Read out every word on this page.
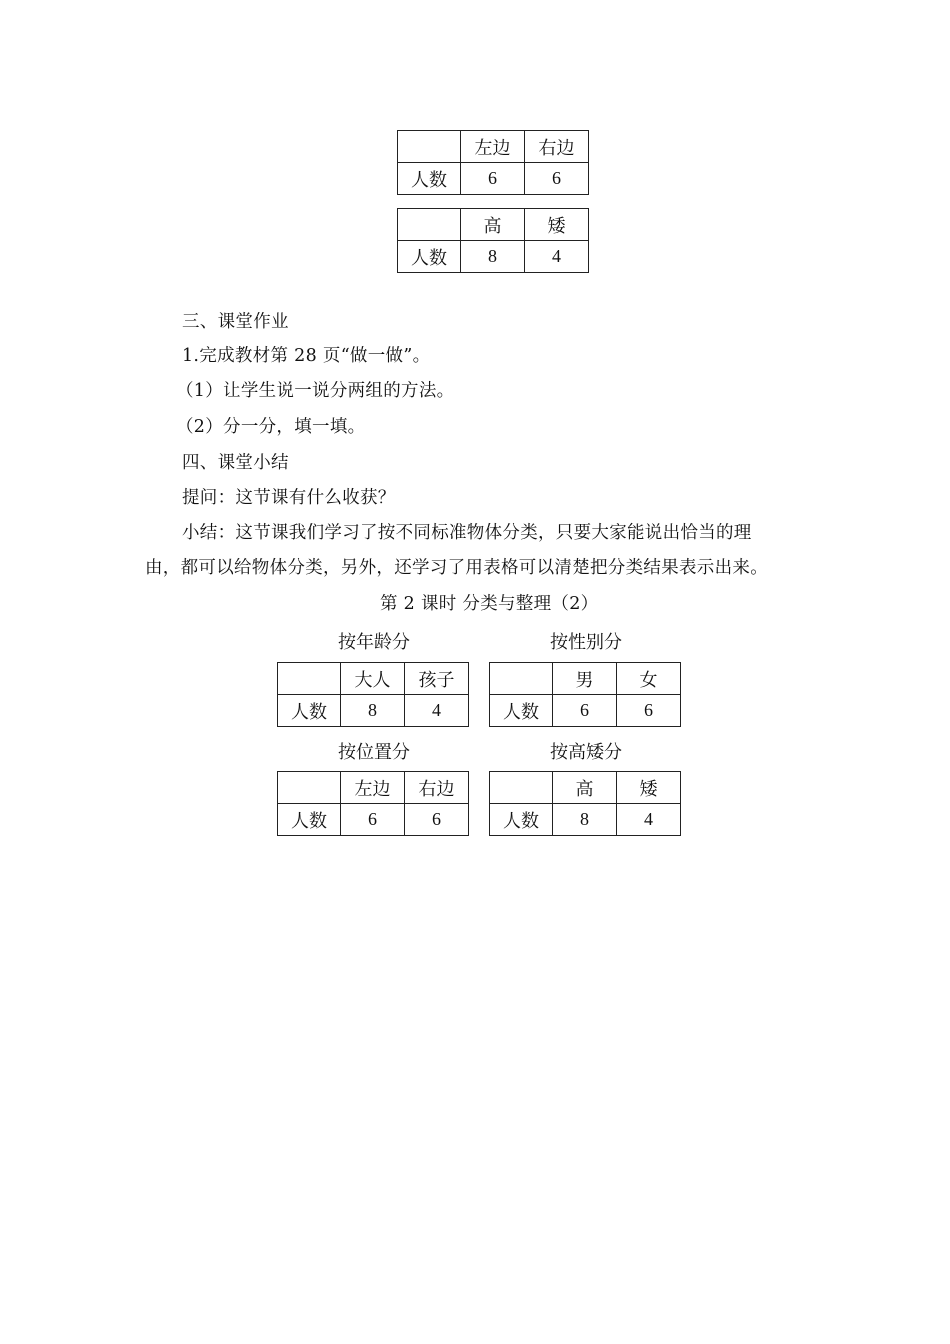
	左边	右边
人数	6	6
	高	矮
人数	8	4
三、课堂作业
1.完成教材第 28 页“做一做”。
（1）让学生说一说分两组的方法。
（2）分一分，填一填。
四、课堂小结
提问：这节课有什么收获？
小结：这节课我们学习了按不同标准物体分类，只要大家能说出恰当的理
由，都可以给物体分类，另外，还学习了用表格可以清楚把分类结果表示出来。
第 2 课时 分类与整理（2）
按年龄分	按性别分
按位置分	按高矮分
	大人	孩子
人数	8	4
	男	女
人数	6	6
	左边	右边
人数	6	6
	高	矮
人数	8	4
